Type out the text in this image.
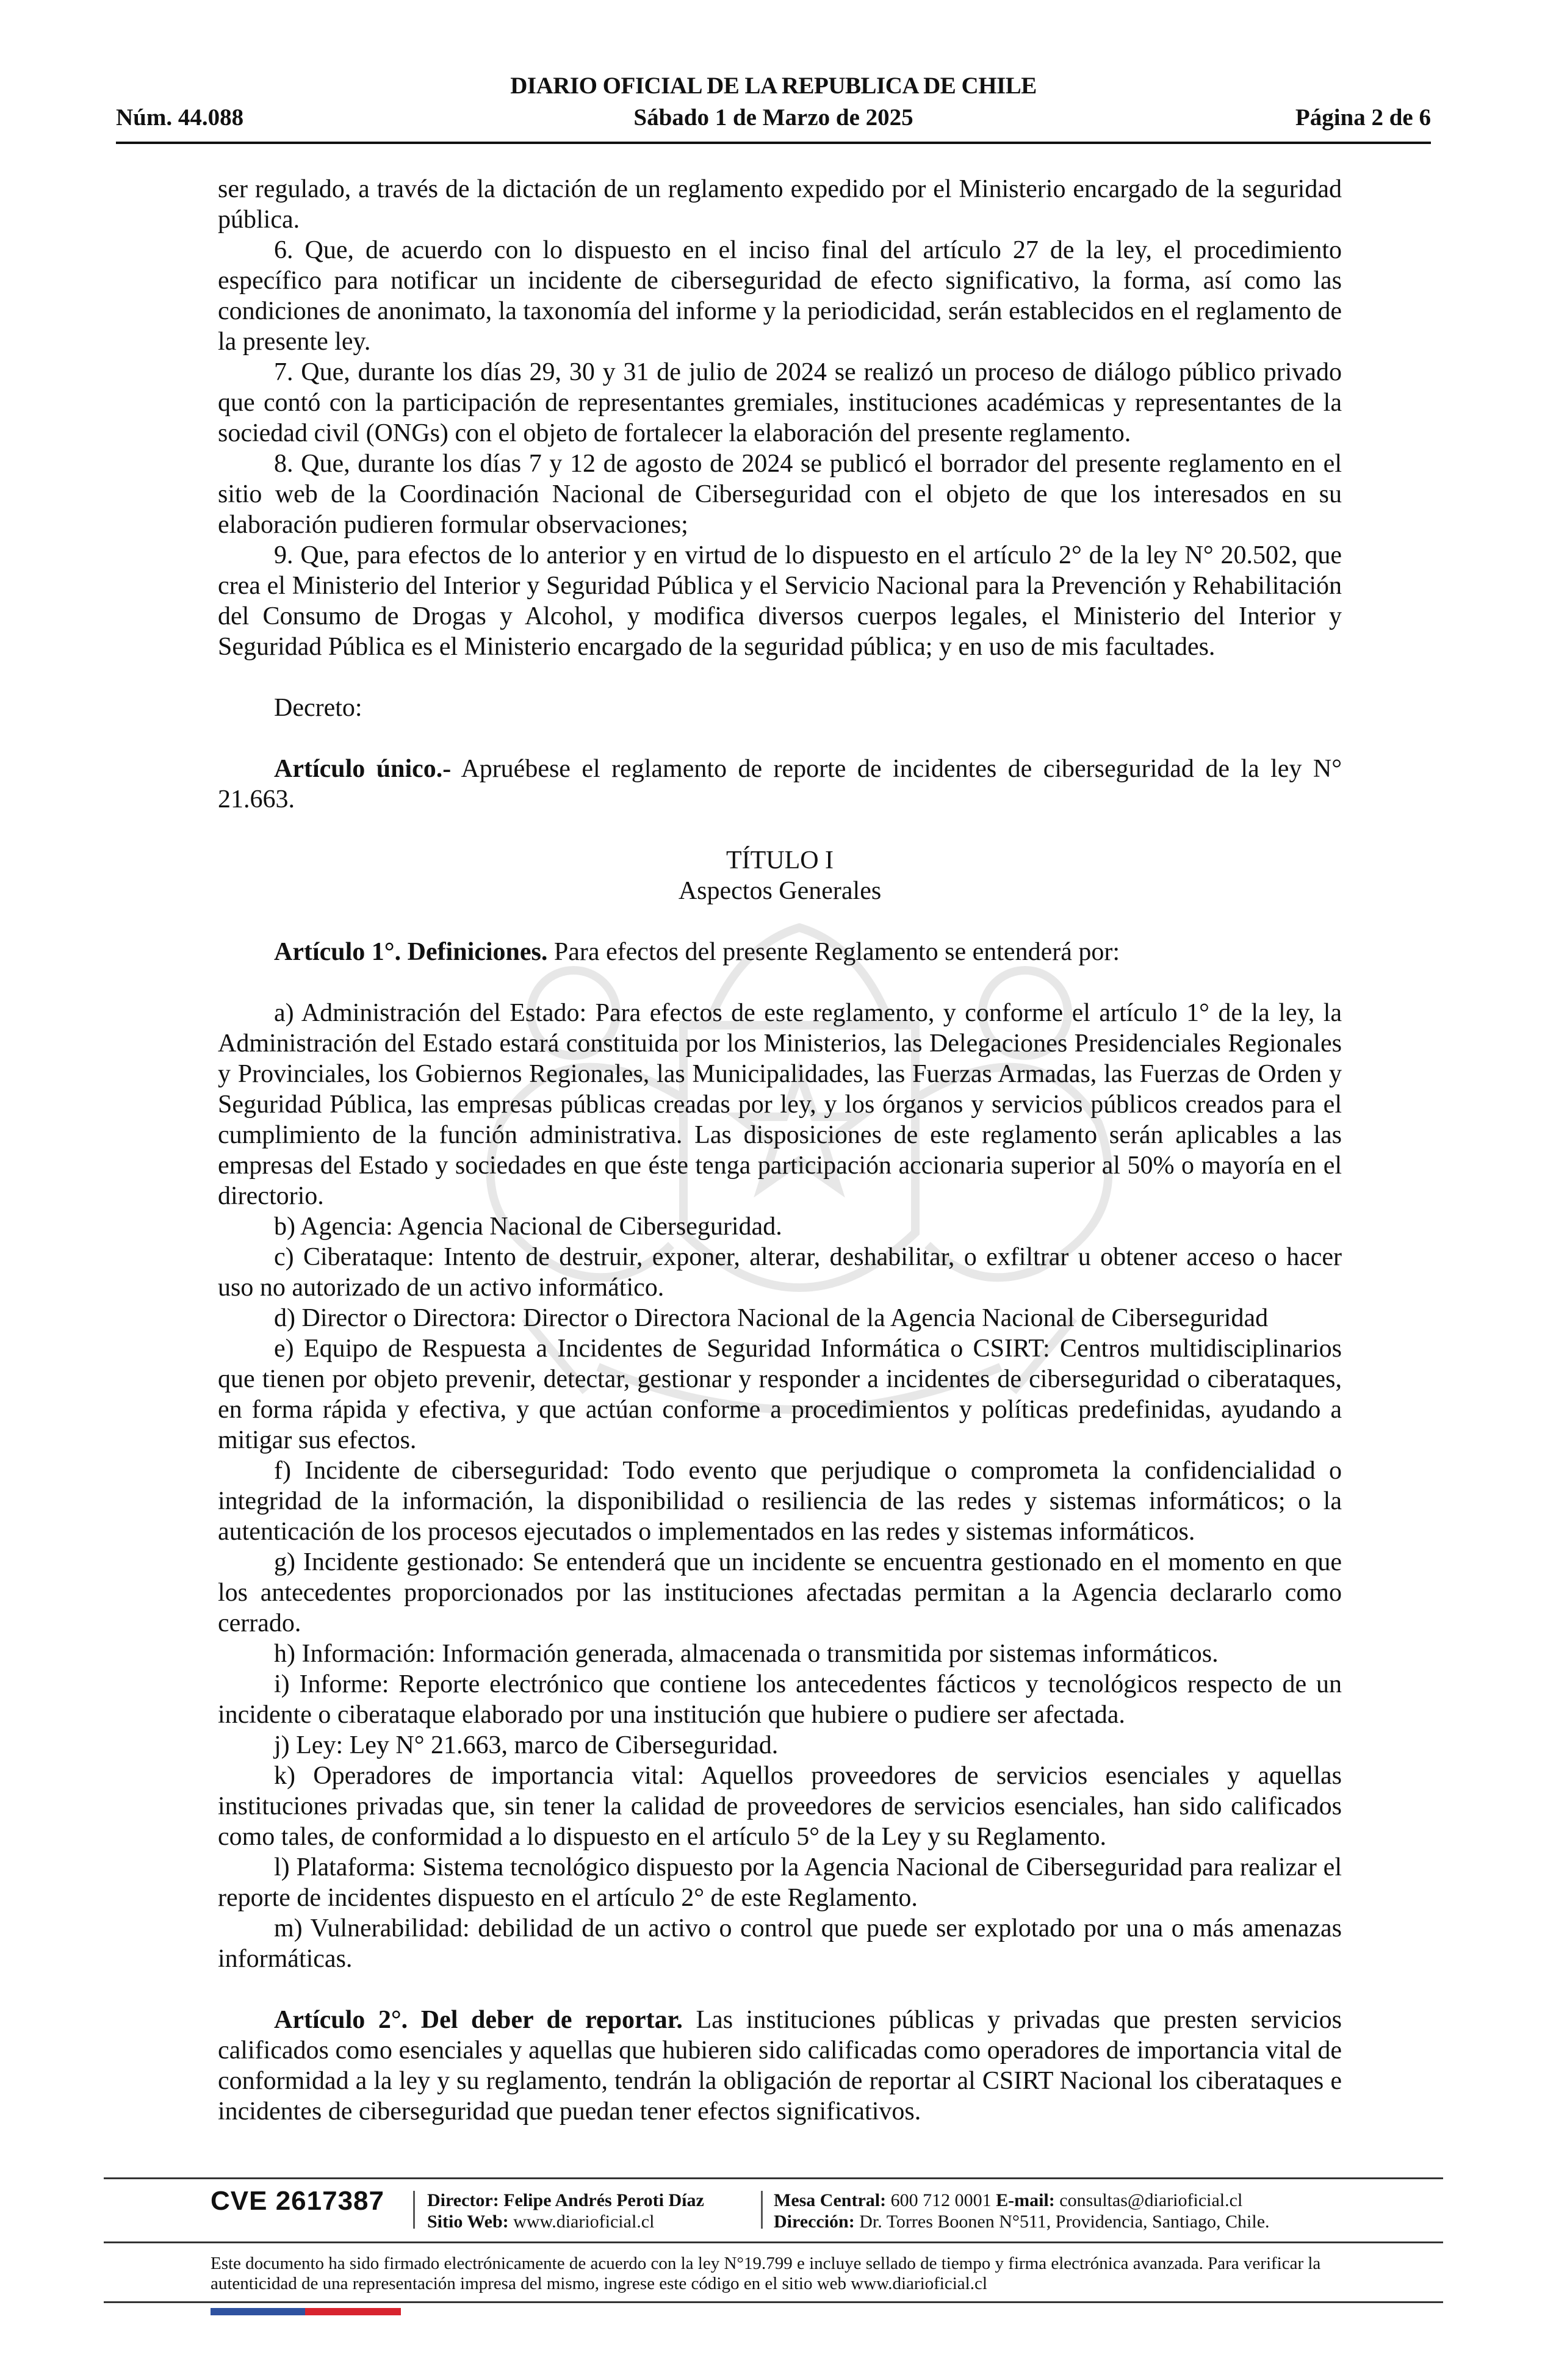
DIARIO OFICIAL DE LA REPUBLICA DE CHILE
Núm. 44.088	Sábado 1 de Marzo de 2025	Página 2 de 6

ser regulado, a través de la dictación de un reglamento expedido por el Ministerio encargado de la seguridad pública.

6. Que, de acuerdo con lo dispuesto en el inciso final del artículo 27 de la ley, el procedimiento específico para notificar un incidente de ciberseguridad de efecto significativo, la forma, así como las condiciones de anonimato, la taxonomía del informe y la periodicidad, serán establecidos en el reglamento de la presente ley.

7. Que, durante los días 29, 30 y 31 de julio de 2024 se realizó un proceso de diálogo público privado que contó con la participación de representantes gremiales, instituciones académicas y representantes de la sociedad civil (ONGs) con el objeto de fortalecer la elaboración del presente reglamento.

8. Que, durante los días 7 y 12 de agosto de 2024 se publicó el borrador del presente reglamento en el sitio web de la Coordinación Nacional de Ciberseguridad con el objeto de que los interesados en su elaboración pudieren formular observaciones;

9. Que, para efectos de lo anterior y en virtud de lo dispuesto en el artículo 2° de la ley N° 20.502, que crea el Ministerio del Interior y Seguridad Pública y el Servicio Nacional para la Prevención y Rehabilitación del Consumo de Drogas y Alcohol, y modifica diversos cuerpos legales, el Ministerio del Interior y Seguridad Pública es el Ministerio encargado de la seguridad pública; y en uso de mis facultades.

Decreto:

Artículo único.- Apruébese el reglamento de reporte de incidentes de ciberseguridad de la ley N° 21.663.

TÍTULO I

Aspectos Generales

Artículo 1°. Definiciones. Para efectos del presente Reglamento se entenderá por:

a) Administración del Estado: Para efectos de este reglamento, y conforme el artículo 1° de la ley, la Administración del Estado estará constituida por los Ministerios, las Delegaciones Presidenciales Regionales y Provinciales, los Gobiernos Regionales, las Municipalidades, las Fuerzas Armadas, las Fuerzas de Orden y Seguridad Pública, las empresas públicas creadas por ley, y los órganos y servicios públicos creados para el cumplimiento de la función administrativa. Las disposiciones de este reglamento serán aplicables a las empresas del Estado y sociedades en que éste tenga participación accionaria superior al 50% o mayoría en el directorio.

b) Agencia: Agencia Nacional de Ciberseguridad.

c) Ciberataque: Intento de destruir, exponer, alterar, deshabilitar, o exfiltrar u obtener acceso o hacer uso no autorizado de un activo informático.

d) Director o Directora: Director o Directora Nacional de la Agencia Nacional de Ciberseguridad

e) Equipo de Respuesta a Incidentes de Seguridad Informática o CSIRT: Centros multidisciplinarios que tienen por objeto prevenir, detectar, gestionar y responder a incidentes de ciberseguridad o ciberataques, en forma rápida y efectiva, y que actúan conforme a procedimientos y políticas predefinidas, ayudando a mitigar sus efectos.

f) Incidente de ciberseguridad: Todo evento que perjudique o comprometa la confidencialidad o integridad de la información, la disponibilidad o resiliencia de las redes y sistemas informáticos; o la autenticación de los procesos ejecutados o implementados en las redes y sistemas informáticos.

g) Incidente gestionado: Se entenderá que un incidente se encuentra gestionado en el momento en que los antecedentes proporcionados por las instituciones afectadas permitan a la Agencia declararlo como cerrado.

h) Información: Información generada, almacenada o transmitida por sistemas informáticos.

i) Informe: Reporte electrónico que contiene los antecedentes fácticos y tecnológicos respecto de un incidente o ciberataque elaborado por una institución que hubiere o pudiere ser afectada.

j) Ley: Ley N° 21.663, marco de Ciberseguridad.

k) Operadores de importancia vital: Aquellos proveedores de servicios esenciales y aquellas instituciones privadas que, sin tener la calidad de proveedores de servicios esenciales, han sido calificados como tales, de conformidad a lo dispuesto en el artículo 5° de la Ley y su Reglamento.

l) Plataforma: Sistema tecnológico dispuesto por la Agencia Nacional de Ciberseguridad para realizar el reporte de incidentes dispuesto en el artículo 2° de este Reglamento.

m) Vulnerabilidad: debilidad de un activo o control que puede ser explotado por una o más amenazas informáticas.

Artículo 2°. Del deber de reportar. Las instituciones públicas y privadas que presten servicios calificados como esenciales y aquellas que hubieren sido calificadas como operadores de importancia vital de conformidad a la ley y su reglamento, tendrán la obligación de reportar al CSIRT Nacional los ciberataques e incidentes de ciberseguridad que puedan tener efectos significativos.

CVE 2617387 Director: Felipe Andrés Peroti Díaz
Sitio Web: www.diarioficial.cl
Mesa Central: 600 712 0001 E-mail: consultas@diarioficial.cl
Dirección: Dr. Torres Boonen N°511, Providencia, Santiago, Chile.
Este documento ha sido firmado electrónicamente de acuerdo con la ley N°19.799 e incluye sellado de tiempo y firma electrónica avanzada. Para verificar la autenticidad de una representación impresa del mismo, ingrese este código en el sitio web www.diarioficial.cl
